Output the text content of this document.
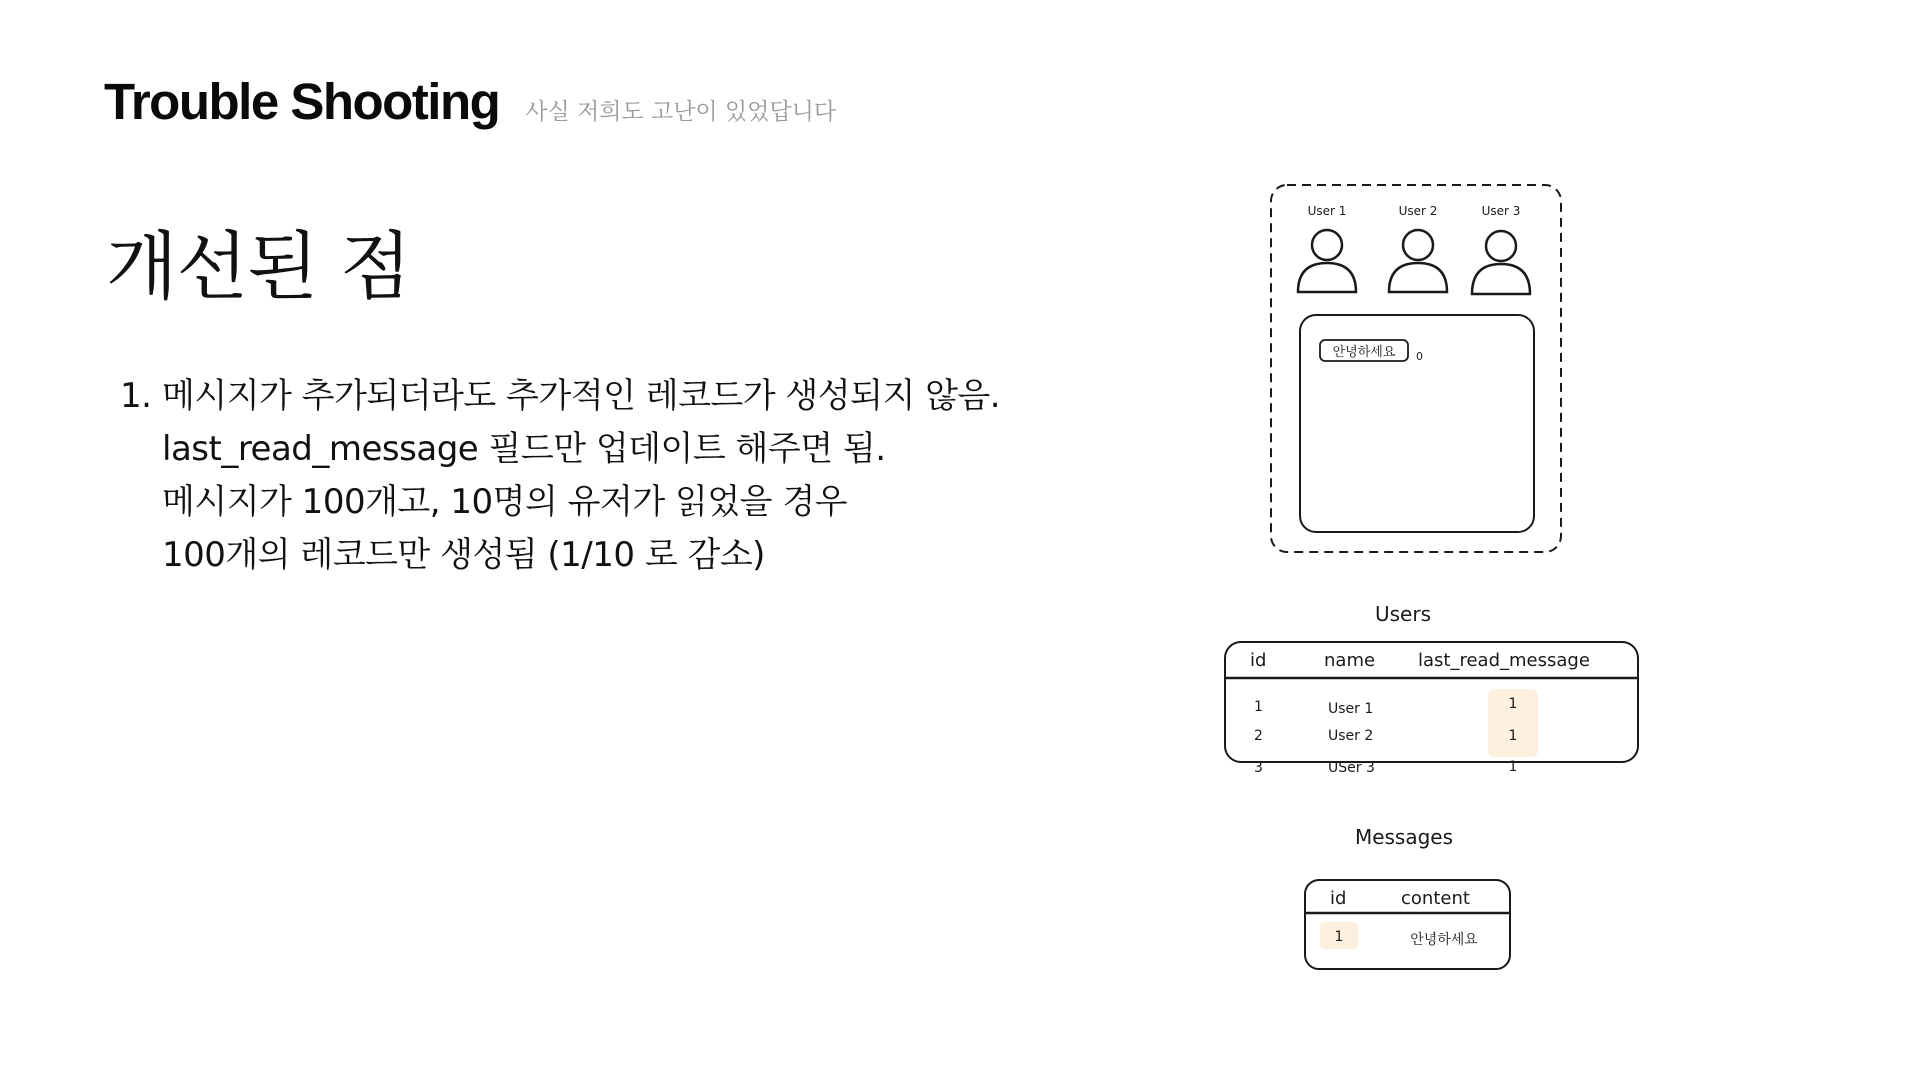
Trouble Shooting 사실 저희도 고난이 있었답니다
개선된 점
1. 메시지가 추가되더라도 추가적인 레코드가 생성되지 않음.
last_read_message 필드만 업데이트 해주면 됨.
메시지가 100개고, 10명의 유저가 읽었을 경우
100개의 레코드만 생성됨 (1/10 로 감소)
User 1	User 2	User 3
안녕하세요 0
Users
id	name last_read_message
1	User 1	1
2	User 2	1
3	USer 3	1
Messages
id	content
1	안녕하세요
